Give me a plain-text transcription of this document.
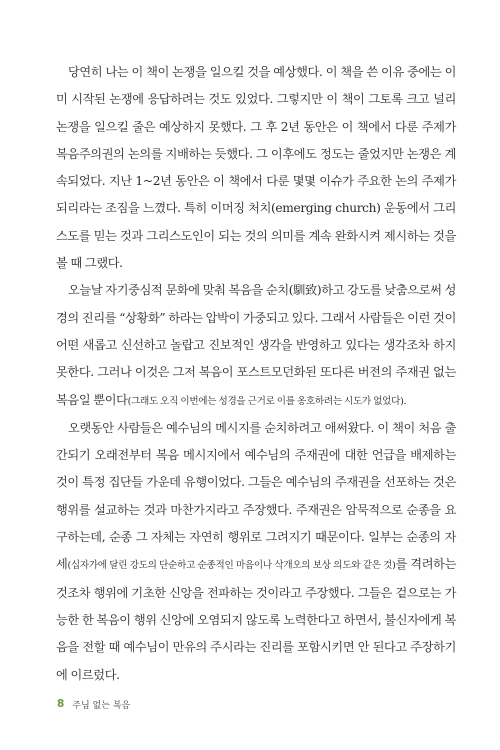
당연히 나는 이 책이 논쟁을 일으킬 것을 예상했다. 이 책을 쓴 이유 중에는 이미 시작된 논쟁에 응답하려는 것도 있었다. 그렇지만 이 책이 그토록 크고 널리 논쟁을 일으킬 줄은 예상하지 못했다. 그 후 2년 동안은 이 책에서 다룬 주제가 복음주의권의 논의를 지배하는 듯했다. 그 이후에도 정도는 줄었지만 논쟁은 계속되었다. 지난 1~2년 동안은 이 책에서 다룬 몇몇 이슈가 주요한 논의 주제가 되리라는 조짐을 느꼈다. 특히 이머징 처치(emerging church) 운동에서 그리스도를 믿는 것과 그리스도인이 되는 것의 의미를 계속 완화시켜 제시하는 것을 볼 때 그랬다.

오늘날 자기중심적 문화에 맞춰 복음을 순치(馴致)하고 강도를 낮춤으로써 성경의 진리를 “상황화” 하라는 압박이 가중되고 있다. 그래서 사람들은 이런 것이 어떤 새롭고 신선하고 놀랍고 진보적인 생각을 반영하고 있다는 생각조차 하지 못한다. 그러나 이것은 그저 복음이 포스트모던화된 또다른 버전의 주재권 없는 복음일 뿐이다(그래도 오직 이번에는 성경을 근거로 이를 옹호하려는 시도가 없었다).

오랫동안 사람들은 예수님의 메시지를 순치하려고 애써왔다. 이 책이 처음 출간되기 오래전부터 복음 메시지에서 예수님의 주재권에 대한 언급을 배제하는 것이 특정 집단들 가운데 유행이었다. 그들은 예수님의 주재권을 선포하는 것은 행위를 설교하는 것과 마찬가지라고 주장했다. 주재권은 암묵적으로 순종을 요구하는데, 순종 그 자체는 자연히 행위로 그려지기 때문이다. 일부는 순종의 자세(십자가에 달린 강도의 단순하고 순종적인 마음이나 삭개오의 보상 의도와 같은 것)를 격려하는 것조차 행위에 기초한 신앙을 전파하는 것이라고 주장했다. 그들은 겉으로는 가능한 한 복음이 행위 신앙에 오염되지 않도록 노력한다고 하면서, 불신자에게 복음을 전할 때 예수님이 만유의 주시라는 진리를 포함시키면 안 된다고 주장하기에 이르렀다.

8 주님 없는 복음
